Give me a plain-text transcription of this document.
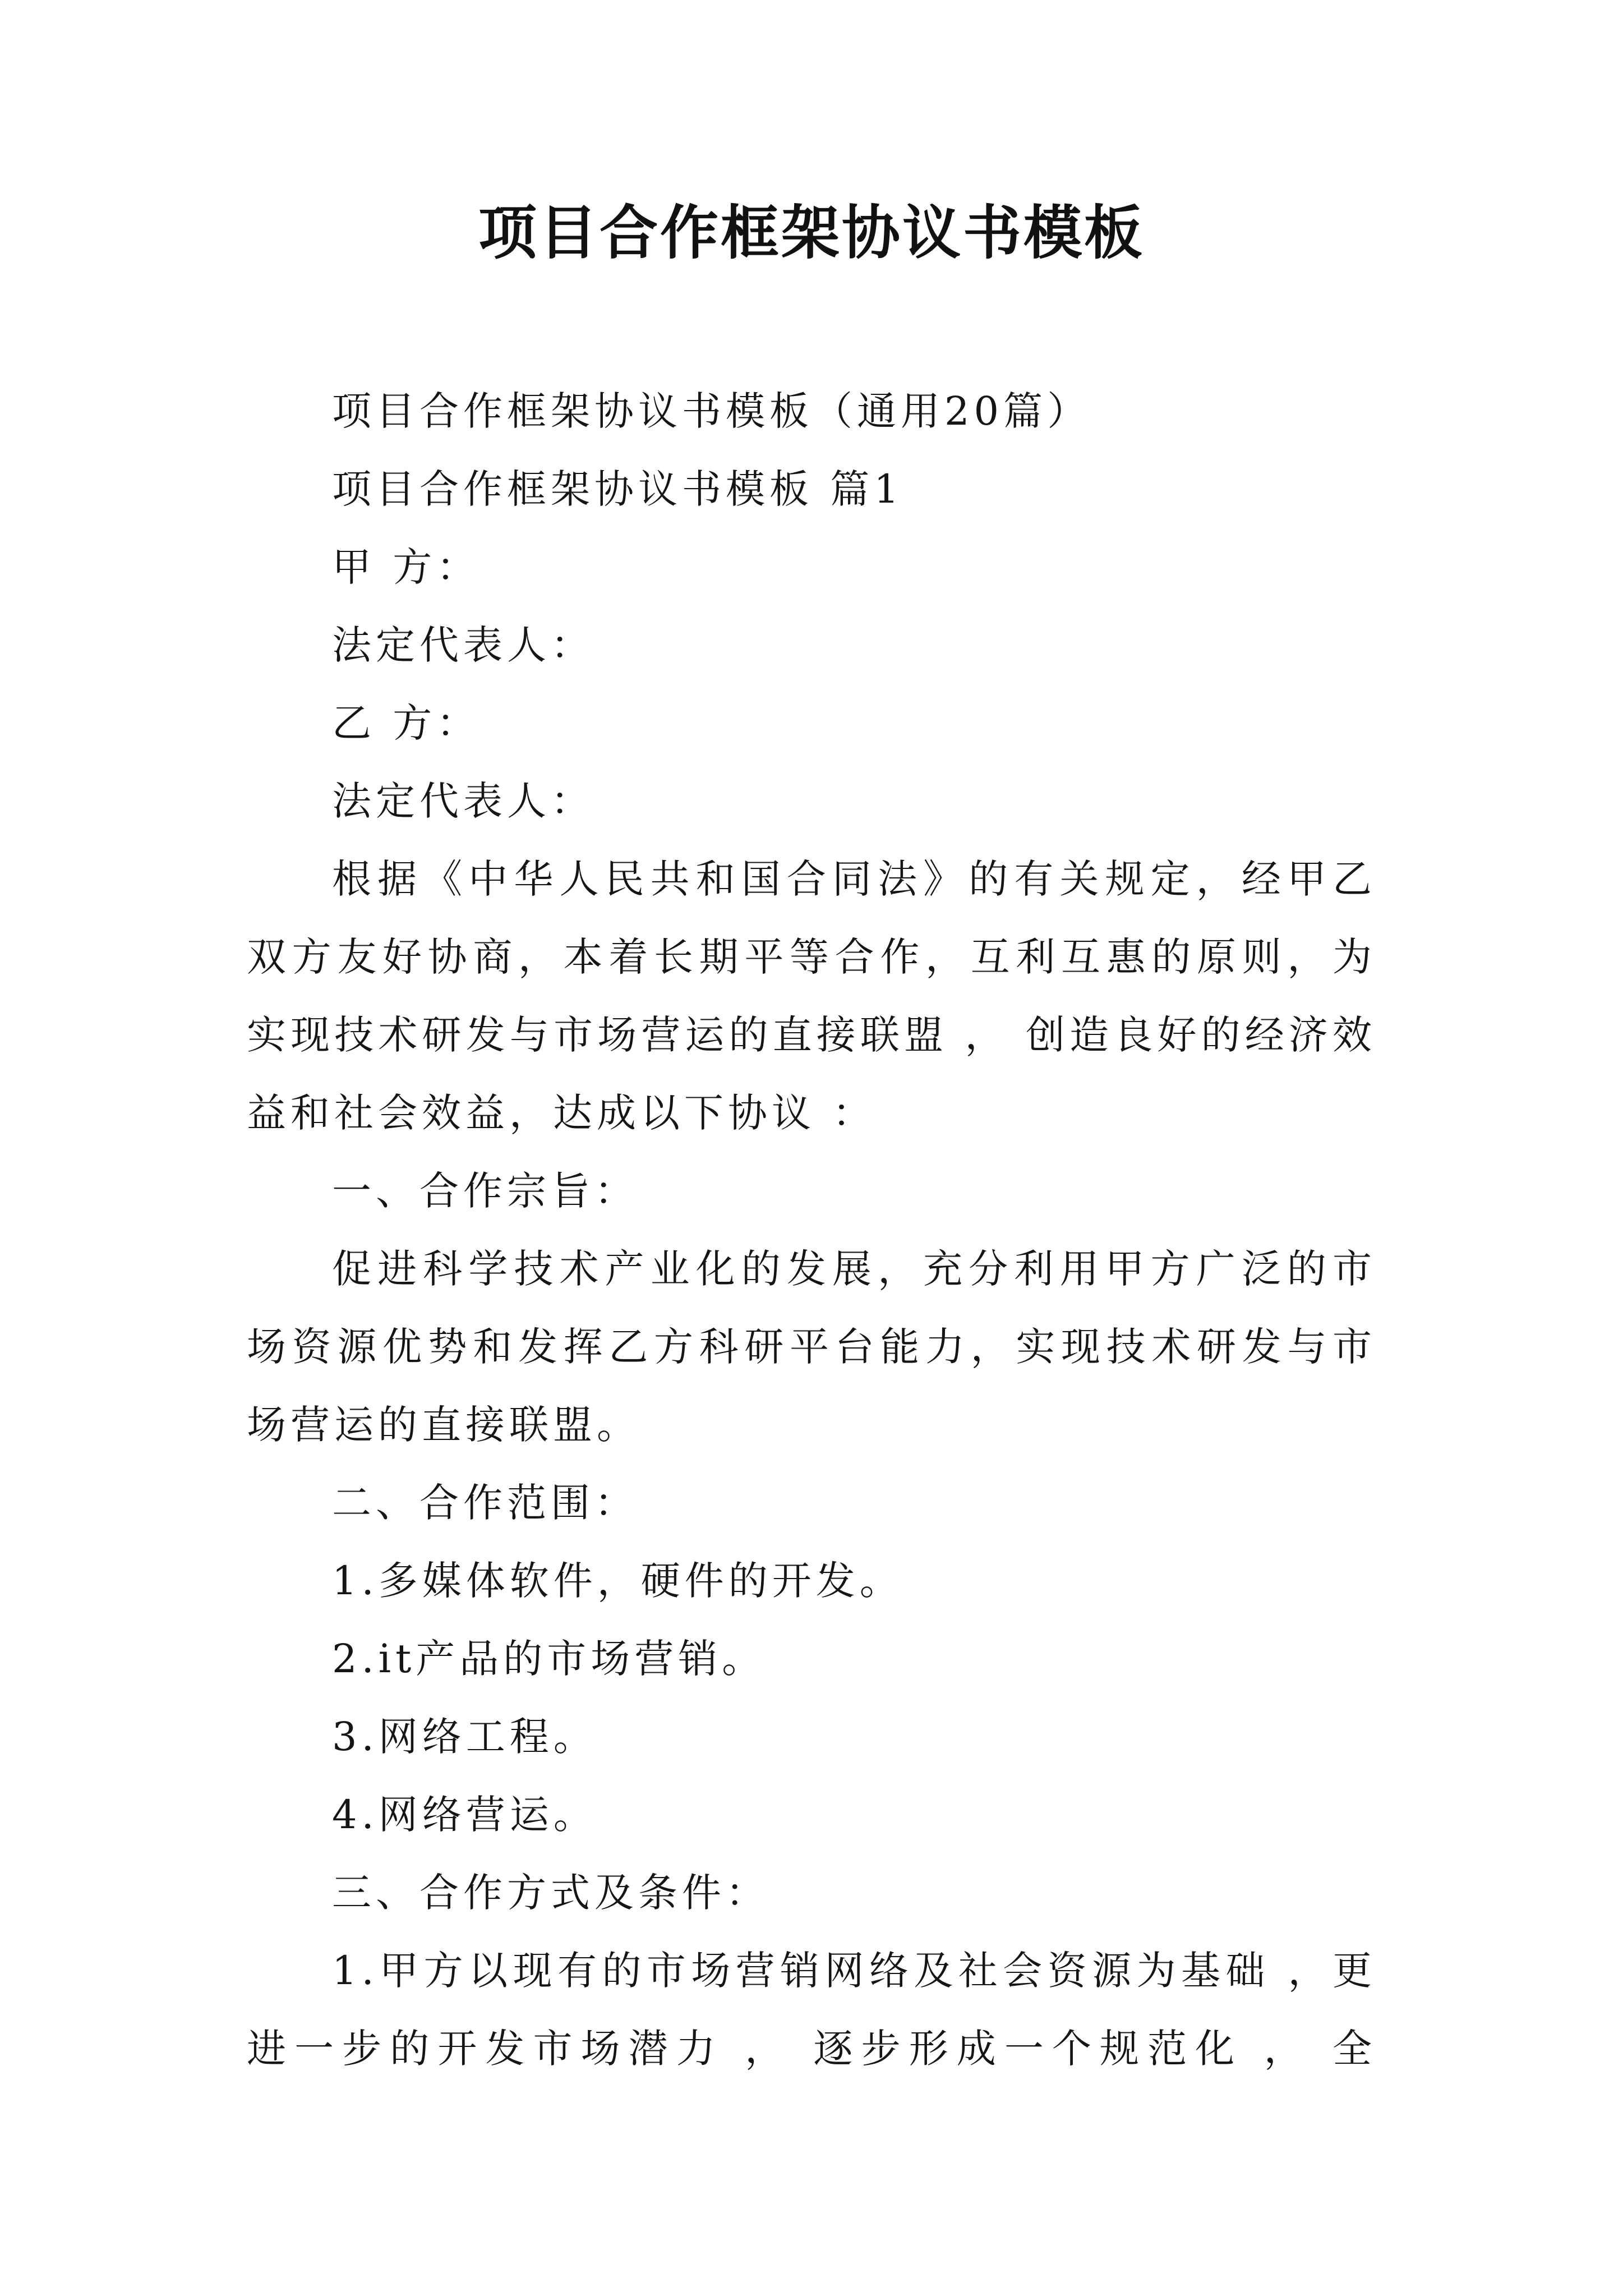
项目合作框架协议书模板

项目合作框架协议书模板（通用20篇）

项目合作框架协议书模板 篇1

甲 方：

法定代表人：

乙 方：

法定代表人：

根据《中华人民共和国合同法》的有关规定，经甲乙双方友好协商，本着长期平等合作，互利互惠的原则，为实现技术研发与市场营运的直接联盟 ， 创造良好的经济效益和社会效益，达成以下协议 ：

一、合作宗旨：

促进科学技术产业化的发展，充分利用甲方广泛的市场资源优势和发挥乙方科研平台能力，实现技术研发与市场营运的直接联盟。

二、合作范围：

1.多媒体软件，硬件的开发。

2.it产品的市场营销。

3.网络工程。

4.网络营运。

三、合作方式及条件：

1.甲方以现有的市场营销网络及社会资源为基础 ，更进一步的开发市场潜力 ， 逐步形成一个规范化 ， 全
